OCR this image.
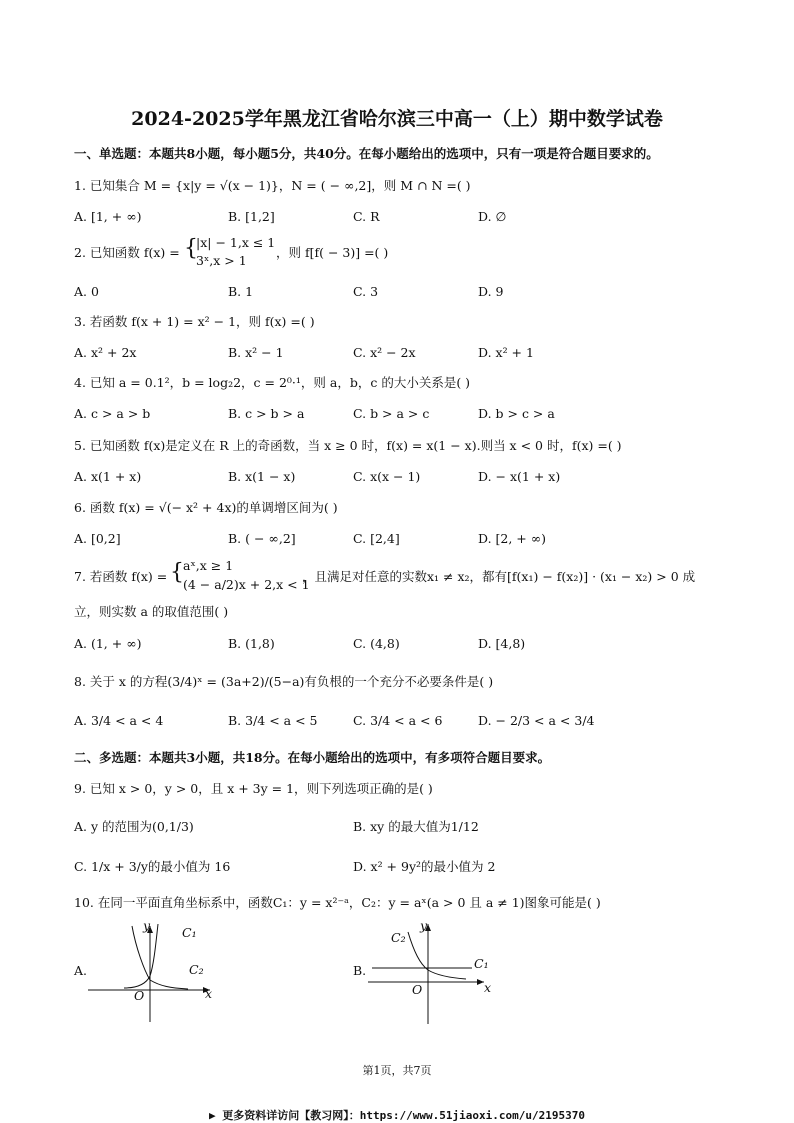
2024-2025学年黑龙江省哈尔滨三中高一（上）期中数学试卷
一、单选题：本题共8小题，每小题5分，共40分。在每小题给出的选项中，只有一项是符合题目要求的。
1. 已知集合 M = {x|y = √(x − 1)}，N = ( − ∞,2]，则 M ∩ N =( )
A. [1, + ∞)	B. [1,2]	C. R	D. ∅
2. 已知函数 f(x) = {
|x| − 1,x ≤ 1
3ˣ,x > 1
，则 f[f( − 3)] =( )
A. 0	B. 1	C. 3	D. 9
3. 若函数 f(x + 1) = x² − 1，则 f(x) =( )
A. x² + 2x	B. x² − 1	C. x² − 2x	D. x² + 1
4. 已知 a = 0.1²，b = log₂2，c = 2⁰·¹，则 a，b，c 的大小关系是( )
A. c > a > b	B. c > b > a	C. b > a > c	D. b > c > a
5. 已知函数 f(x)是定义在 R 上的奇函数，当 x ≥ 0 时，f(x) = x(1 − x).则当 x < 0 时，f(x) =( )
A. x(1 + x)	B. x(1 − x)	C. x(x − 1)	D. − x(1 + x)
6. 函数 f(x) = √(− x² + 4x)的单调增区间为( )
A. [0,2]	B. ( − ∞,2]	C. [2,4]	D. [2, + ∞)
7. 若函数 f(x) = { aˣ,x ≥ 1
(4 − a/2)x + 2,x < 1
，且满足对任意的实数x₁ ≠ x₂，都有[f(x₁) − f(x₂)] · (x₁ − x₂) > 0 成
立，则实数 a 的取值范围( )
A. (1, + ∞)	B. (1,8)	C. (4,8)	D. [4,8)
8. 关于 x 的方程(3/4)ˣ = (3a+2)/(5−a)有负根的一个充分不必要条件是( )
A. 3/4 < a < 4	B. 3/4 < a < 5	C. 3/4 < a < 6	D. − 2/3 < a < 3/4
二、多选题：本题共3小题，共18分。在每小题给出的选项中，有多项符合题目要求。
9. 已知 x > 0，y > 0，且 x + 3y = 1，则下列选项正确的是( )
A. y 的范围为(0,1/3)	B. xy 的最大值为1/12
C. 1/x + 3/y的最小值为 16	D. x² + 9y²的最小值为 2
10. 在同一平面直角坐标系中，函数C₁：y = x²⁻ᵃ，C₂：y = aˣ(a > 0 且 a ≠ 1)图象可能是( )
A.
y	C₁
C₂
O	x
B.
y
C₂
C₁
O	x
第1页，共7页
▶ 更多资料详访问【教习网】：https://www.51jiaoxi.com/u/2195370
